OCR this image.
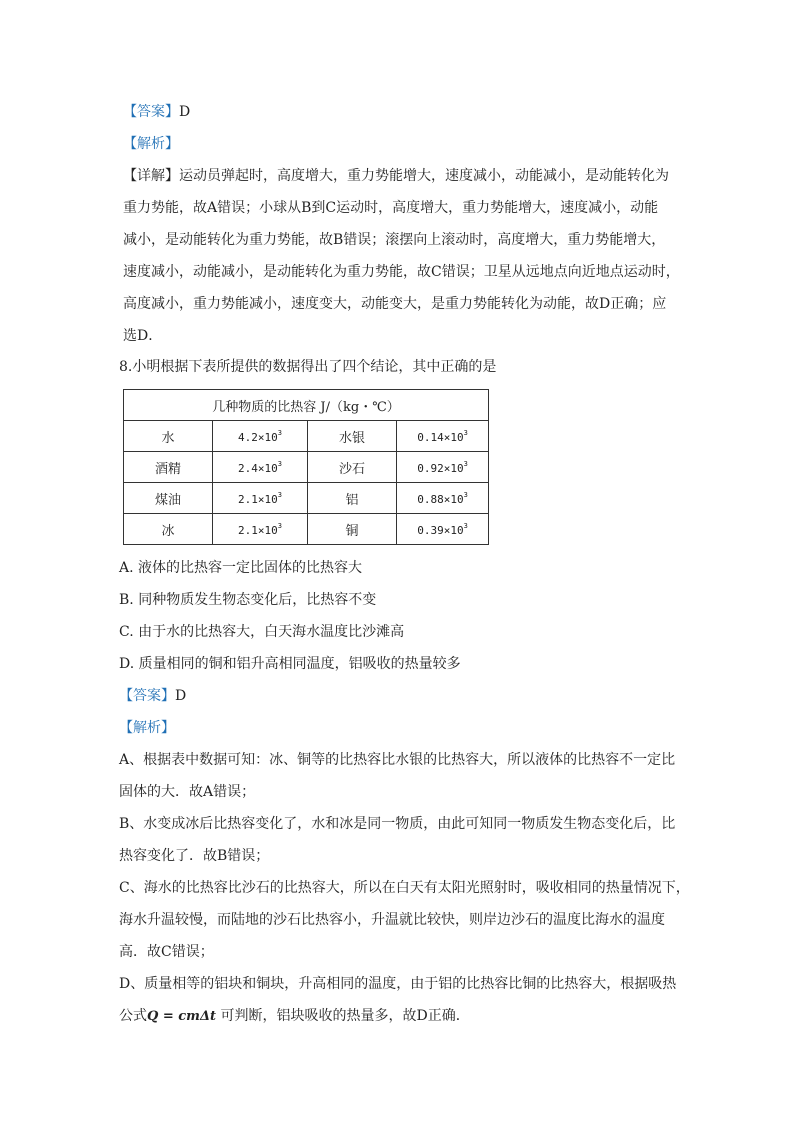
【答案】D
【解析】
【详解】运动员弹起时，高度增大，重力势能增大，速度减小，动能减小，是动能转化为
重力势能，故A错误；小球从B到C运动时，高度增大，重力势能增大，速度减小，动能
减小，是动能转化为重力势能，故B错误；滚摆向上滚动时，高度增大，重力势能增大，
速度减小，动能减小，是动能转化为重力势能，故C错误；卫星从远地点向近地点运动时，
高度减小，重力势能减小，速度变大，动能变大，是重力势能转化为动能，故D正确；应
选D．
8.小明根据下表所提供的数据得出了四个结论，其中正确的是
几种物质的比热容 J/（kg・℃）			
水	$4.2\times 10^3$	水银	$0.14\times 10^3$
酒精	$2.4\times 10^3$	沙石	$0.92\times 10^3$
煤油	$2.1\times 10^3$	铝	$0.88\times 10^3$
冰	$2.1\times 10^3$	铜	$0.39\times 10^3$
A. 液体的比热容一定比固体的比热容大
B. 同种物质发生物态变化后，比热容不变
C. 由于水的比热容大，白天海水温度比沙滩高
D. 质量相同的铜和铝升高相同温度，铝吸收的热量较多
【答案】D
【解析】
A、根据表中数据可知：冰、铜等的比热容比水银的比热容大，所以液体的比热容不一定比
固体的大．故A错误；
B、水变成冰后比热容变化了，水和冰是同一物质，由此可知同一物质发生物态变化后，比
热容变化了．故B错误；
C、海水的比热容比沙石的比热容大，所以在白天有太阳光照射时，吸收相同的热量情况下，
海水升温较慢，而陆地的沙石比热容小，升温就比较快，则岸边沙石的温度比海水的温度
高．故C错误；
D、质量相等的铝块和铜块，升高相同的温度，由于铝的比热容比铜的比热容大，根据吸热
公式Q = cmΔt 可判断，铝块吸收的热量多，故D正确．
